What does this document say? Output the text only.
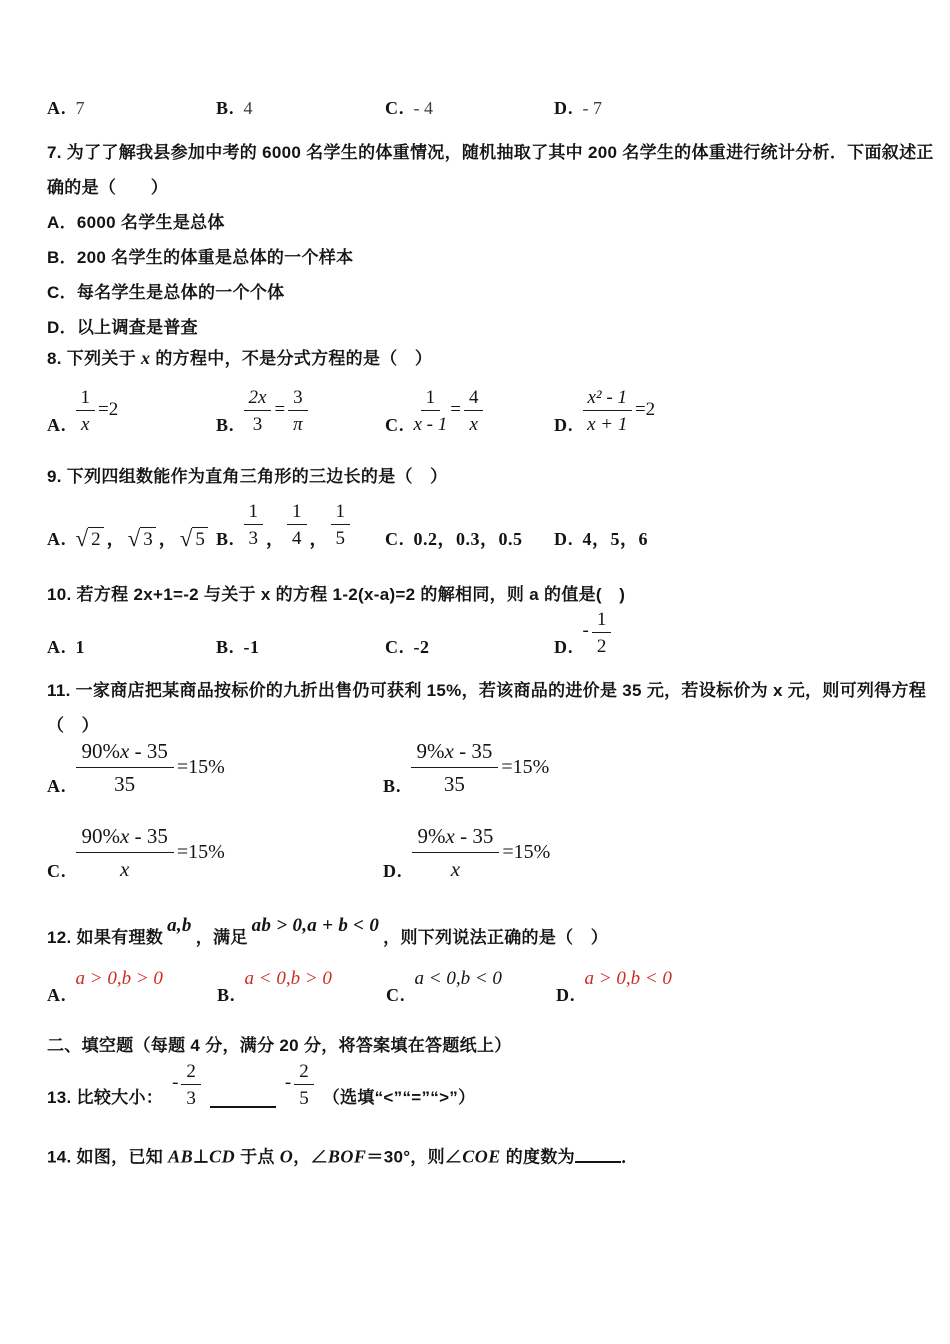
A. 7	B. 4	C. - 4	D. - 7
7. 为了了解我县参加中考的 6000 名学生的体重情况，随机抽取了其中 200 名学生的体重进行统计分析．下面叙述正
确的是（　　）
A．6000 名学生是总体
B．200 名学生的体重是总体的一个样本
C．每名学生是总体的一个个体
D．以上调查是普查
8. 下列关于 x 的方程中，不是分式方程的是（　）
A. $\frac{1}{x} =2$
B. $\frac{2x}{3} = \frac{3}{\pi}$	C. $\frac{1}{x - 1} = \frac{4}{x}$	D. $\frac{\text{x² - 1}}{x + 1} =2$
9. 下列四组数能作为直角三角形的三边长的是（　）
A. √ 2 ， √ 3 ， √ 5 B. $\frac{1}{3}$ ， $\frac{1}{4}$ ， $\frac{1}{5} C$. 0.2，0.3，0.5 D. 4，5，6
10. 若方程 2x+1=-2 与关于 x 的方程 1-2(x-a)=2 的解相同，则 a 的值是(　)
A. 1	B. -1	C. -2	D.
- $\frac{1}{2}$
11. 一家商店把某商品按标价的九折出售仍可获利 15%，若该商品的进价是 35 元，若设标价为 x 元，则可列得方程
（　）
A. $\frac{90\%x - 35}{35} =15\%$
B. $\frac{9\%x - 35}{35} =15\%$
C. $\frac{90\%x - 35}{x} =15\%$
D. $\frac{9\%x - 35}{x} =15\%$
12. 如果有理数a,b，满足ab > 0,a + b < 0，则下列说法正确的是（　）
A.
a > 0,b > 0
B.
a < 0,b > 0
C.
a < 0,b < 0
D.
a > 0,b < 0
二、填空题（每题 4 分，满分 20 分，将答案填在答题纸上）
13. 比较大小：
- $\frac{2}{3}$	- $\frac{2}{5}$ （选填“<”“=”“>”）
14. 如图，已知 AB⊥CD 于点 O，∠BOF＝30°，则∠COE 的度数为	．
